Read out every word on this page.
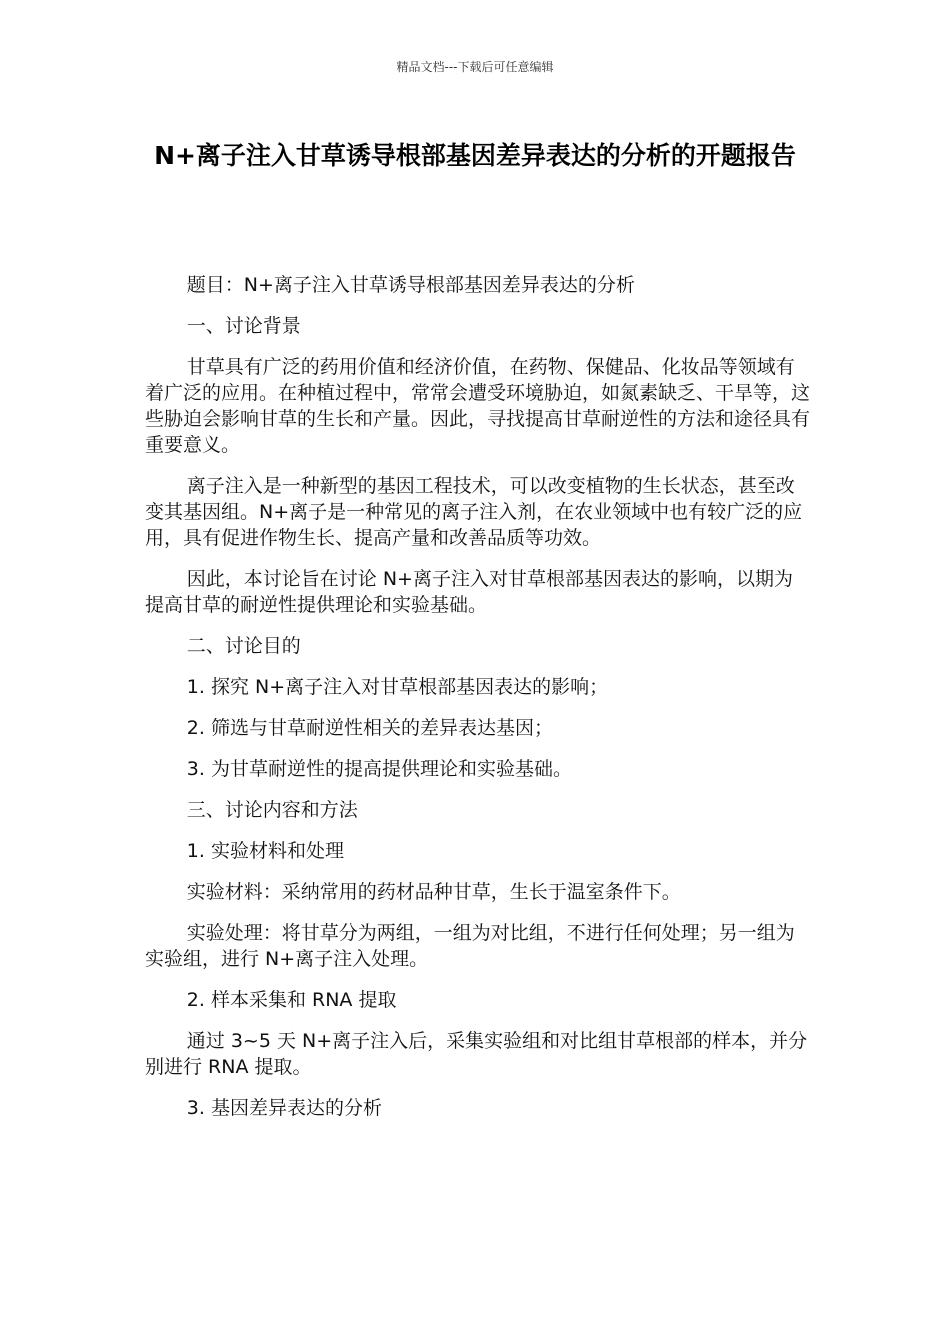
精品文档---下载后可任意编辑
N+离子注入甘草诱导根部基因差异表达的分析的开题报告

题目：N+离子注入甘草诱导根部基因差异表达的分析

一、讨论背景

甘草具有广泛的药用价值和经济价值，在药物、保健品、化妆品等领域有着广泛的应用。在种植过程中，常常会遭受环境胁迫，如氮素缺乏、干旱等，这些胁迫会影响甘草的生长和产量。因此，寻找提高甘草耐逆性的方法和途径具有重要意义。

离子注入是一种新型的基因工程技术，可以改变植物的生长状态，甚至改变其基因组。N+离子是一种常见的离子注入剂，在农业领域中也有较广泛的应用，具有促进作物生长、提高产量和改善品质等功效。

因此，本讨论旨在讨论 N+离子注入对甘草根部基因表达的影响，以期为提高甘草的耐逆性提供理论和实验基础。

二、讨论目的

1. 探究 N+离子注入对甘草根部基因表达的影响；

2. 筛选与甘草耐逆性相关的差异表达基因；

3. 为甘草耐逆性的提高提供理论和实验基础。

三、讨论内容和方法

1. 实验材料和处理

实验材料：采纳常用的药材品种甘草，生长于温室条件下。

实验处理：将甘草分为两组，一组为对比组，不进行任何处理；另一组为实验组，进行 N+离子注入处理。

2. 样本采集和 RNA 提取

通过 3~5 天 N+离子注入后，采集实验组和对比组甘草根部的样本，并分别进行 RNA 提取。

3. 基因差异表达的分析
